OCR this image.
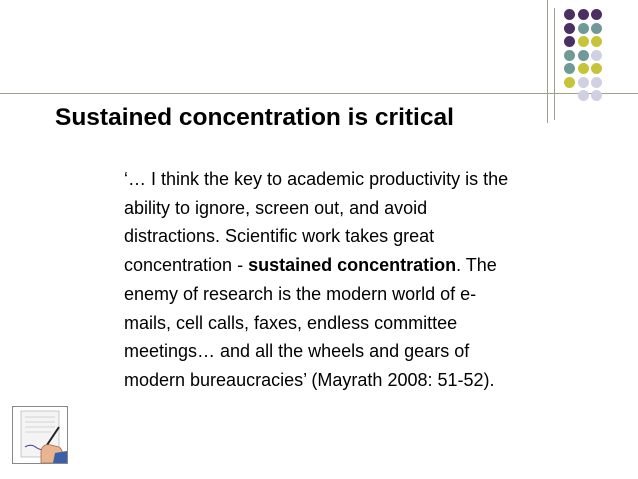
Sustained concentration is critical
‘… I think the key to academic productivity is the
ability to ignore, screen out, and avoid
distractions. Scientific work takes great
concentration - sustained concentration. The
enemy of research is the modern world of e-
mails, cell calls, faxes, endless committee
meetings… and all the wheels and gears of
modern bureaucracies’ (Mayrath 2008: 51-52).
